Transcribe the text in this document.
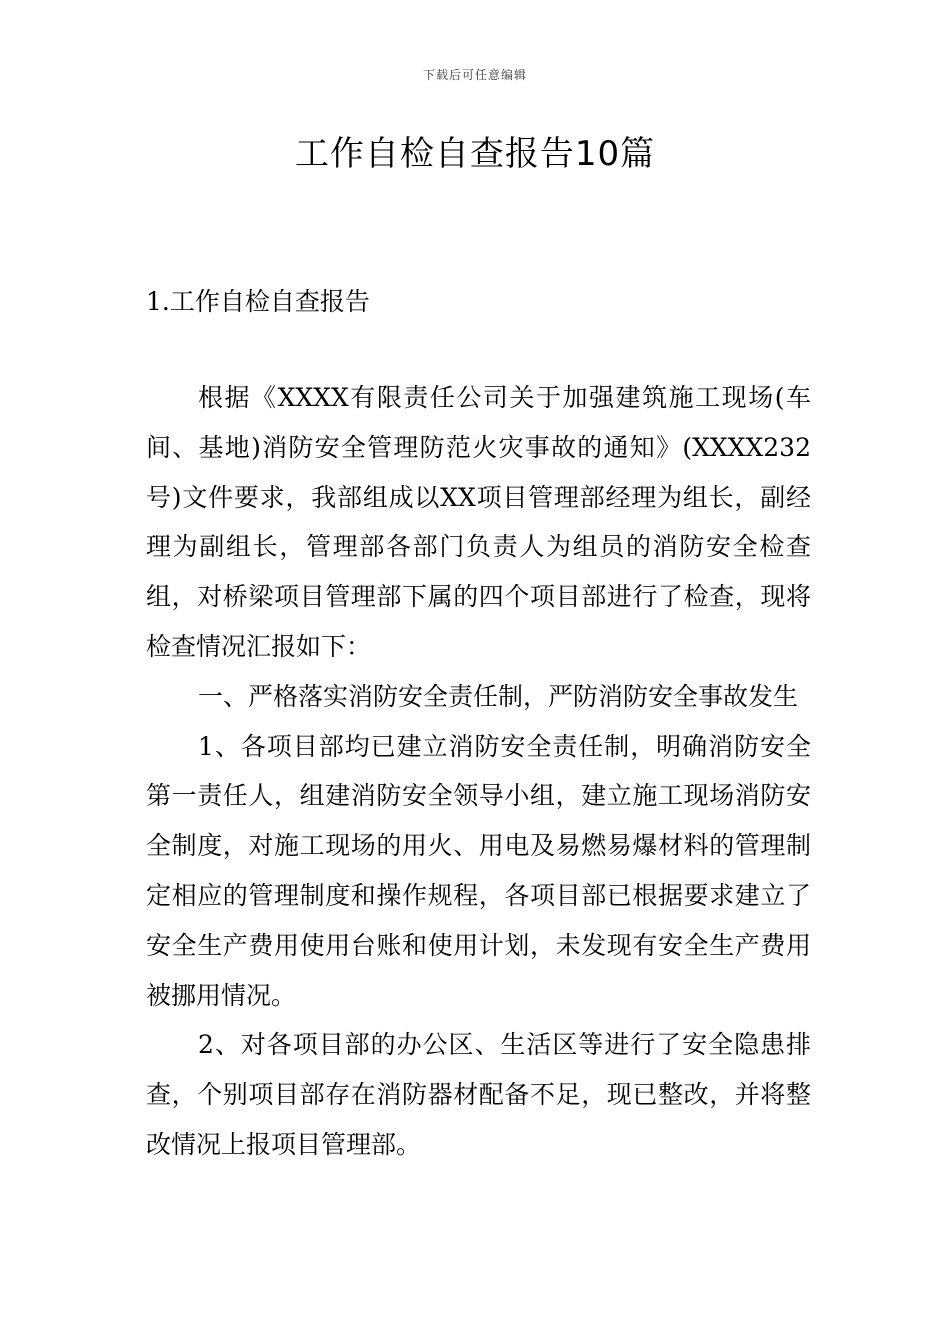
下载后可任意编辑
工作自检自查报告10篇
1.工作自检自查报告

根据《XXXX有限责任公司关于加强建筑施工现场(车间、基地)消防安全管理防范火灾事故的通知》(XXXX232号)文件要求，我部组成以XX项目管理部经理为组长，副经理为副组长，管理部各部门负责人为组员的消防安全检查组，对桥梁项目管理部下属的四个项目部进行了检查，现将检查情况汇报如下：

一、严格落实消防安全责任制，严防消防安全事故发生

1、各项目部均已建立消防安全责任制，明确消防安全第一责任人，组建消防安全领导小组，建立施工现场消防安全制度，对施工现场的用火、用电及易燃易爆材料的管理制定相应的管理制度和操作规程，各项目部已根据要求建立了安全生产费用使用台账和使用计划，未发现有安全生产费用被挪用情况。

2、对各项目部的办公区、生活区等进行了安全隐患排查，个别项目部存在消防器材配备不足，现已整改，并将整改情况上报项目管理部。
